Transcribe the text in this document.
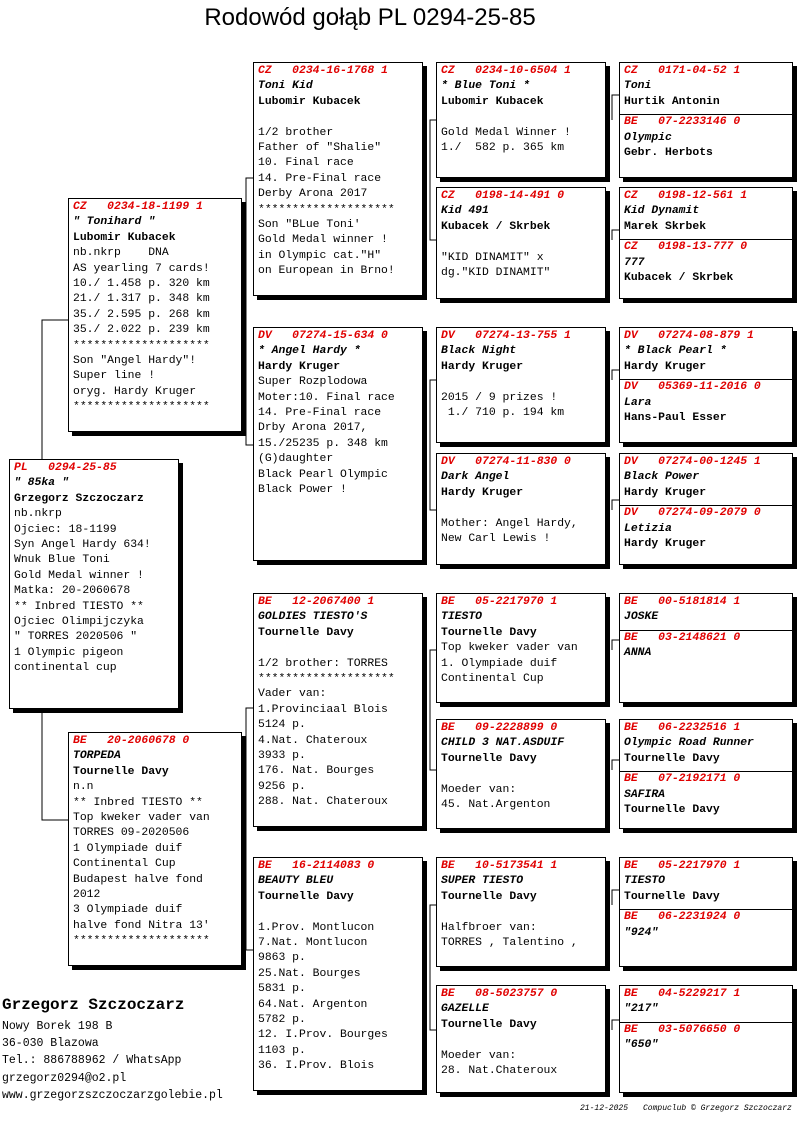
Rodowód gołąb PL 0294-25-85
PL   0294-25-85
" 85ka "
Grzegorz Szczoczarz
nb.nkrp
Ojciec: 18-1199
Syn Angel Hardy 634!
Wnuk Blue Toni
Gold Medal winner !
Matka: 20-2060678
** Inbred TIESTO **
Ojciec Olimpijczyka
" TORRES 2020506 "
1 Olympic pigeon
continental cup
CZ   0234-18-1199 1
" Tonihard "
Lubomir Kubacek
nb.nkrp    DNA
AS yearling 7 cards!
10./ 1.458 p. 320 km
21./ 1.317 p. 348 km
35./ 2.595 p. 268 km
35./ 2.022 p. 239 km
********************
Son "Angel Hardy"!
Super line !
oryg. Hardy Kruger
********************
BE   20-2060678 0
TORPEDA
Tournelle Davy
n.n
** Inbred TIESTO **
Top kweker vader van
TORRES 09-2020506
1 Olympiade duif
Continental Cup
Budapest halve fond
2012
3 Olympiade duif
halve fond Nitra 13'
********************
CZ   0234-16-1768 1
Toni Kid
Lubomir Kubacek
1/2 brother
Father of "Shalie"
10. Final race
14. Pre-Final race
Derby Arona 2017
********************
Son "BLue Toni'
Gold Medal winner !
in Olympic cat."H"
on European in Brno!
DV   07274-15-634 0
* Angel Hardy *
Hardy Kruger
Super Rozplodowa
Moter:10. Final race
14. Pre-Final race
Drby Arona 2017,
15./25235 p. 348 km
(G)daughter
Black Pearl Olympic
Black Power !
BE   12-2067400 1
GOLDIES TIESTO'S
Tournelle Davy
1/2 brother: TORRES
********************
Vader van:
1.Provinciaal Blois
5124 p.
4.Nat. Chateroux
3933 p.
176. Nat. Bourges
9256 p.
288. Nat. Chateroux
BE   16-2114083 0
BEAUTY BLEU
Tournelle Davy
1.Prov. Montlucon
7.Nat. Montlucon
9863 p.
25.Nat. Bourges
5831 p.
64.Nat. Argenton
5782 p.
12. I.Prov. Bourges
1103 p.
36. I.Prov. Blois
CZ   0234-10-6504 1
* Blue Toni *
Lubomir Kubacek
Gold Medal Winner !
1./  582 p. 365 km
CZ   0198-14-491 0
Kid 491
Kubacek / Skrbek
"KID DINAMIT" x
dg."KID DINAMIT"
DV   07274-13-755 1
Black Night
Hardy Kruger
2015 / 9 prizes !
1./ 710 p. 194 km
DV   07274-11-830 0
Dark Angel
Hardy Kruger
Mother: Angel Hardy,
New Carl Lewis !
BE   05-2217970 1
TIESTO
Tournelle Davy
Top kweker vader van
1. Olympiade duif
Continental Cup
BE   09-2228899 0
CHILD 3 NAT.ASDUIF
Tournelle Davy
Moeder van:
45. Nat.Argenton
BE   10-5173541 1
SUPER TIESTO
Tournelle Davy
Halfbroer van:
TORRES , Talentino ,
BE   08-5023757 0
GAZELLE
Tournelle Davy
Moeder van:
28. Nat.Chateroux
CZ   0171-04-52 1
Toni
Hurtik Antonin
BE   07-2233146 0
Olympic
Gebr. Herbots
CZ   0198-12-561 1
Kid Dynamit
Marek Skrbek
CZ   0198-13-777 0
777
Kubacek / Skrbek
DV   07274-08-879 1
* Black Pearl *
Hardy Kruger
DV   05369-11-2016 0
Lara
Hans-Paul Esser
DV   07274-00-1245 1
Black Power
Hardy Kruger
DV   07274-09-2079 0
Letizia
Hardy Kruger
BE   00-5181814 1
JOSKE
BE   03-2148621 0
ANNA
BE   06-2232516 1
Olympic Road Runner
Tournelle Davy
BE   07-2192171 0
SAFIRA
Tournelle Davy
BE   05-2217970 1
TIESTO
Tournelle Davy
BE   06-2231924 0
"924"
BE   04-5229217 1
"217"
BE   03-5076650 0
"650"
Grzegorz Szczoczarz
Nowy Borek 198 B
36-030 Blazowa
Tel.: 886788962 / WhatsApp
grzegorz0294@o2.pl
www.grzegorzszczoczarzgolebie.pl
21-12-2025 Compuclub © Grzegorz Szczoczarz
